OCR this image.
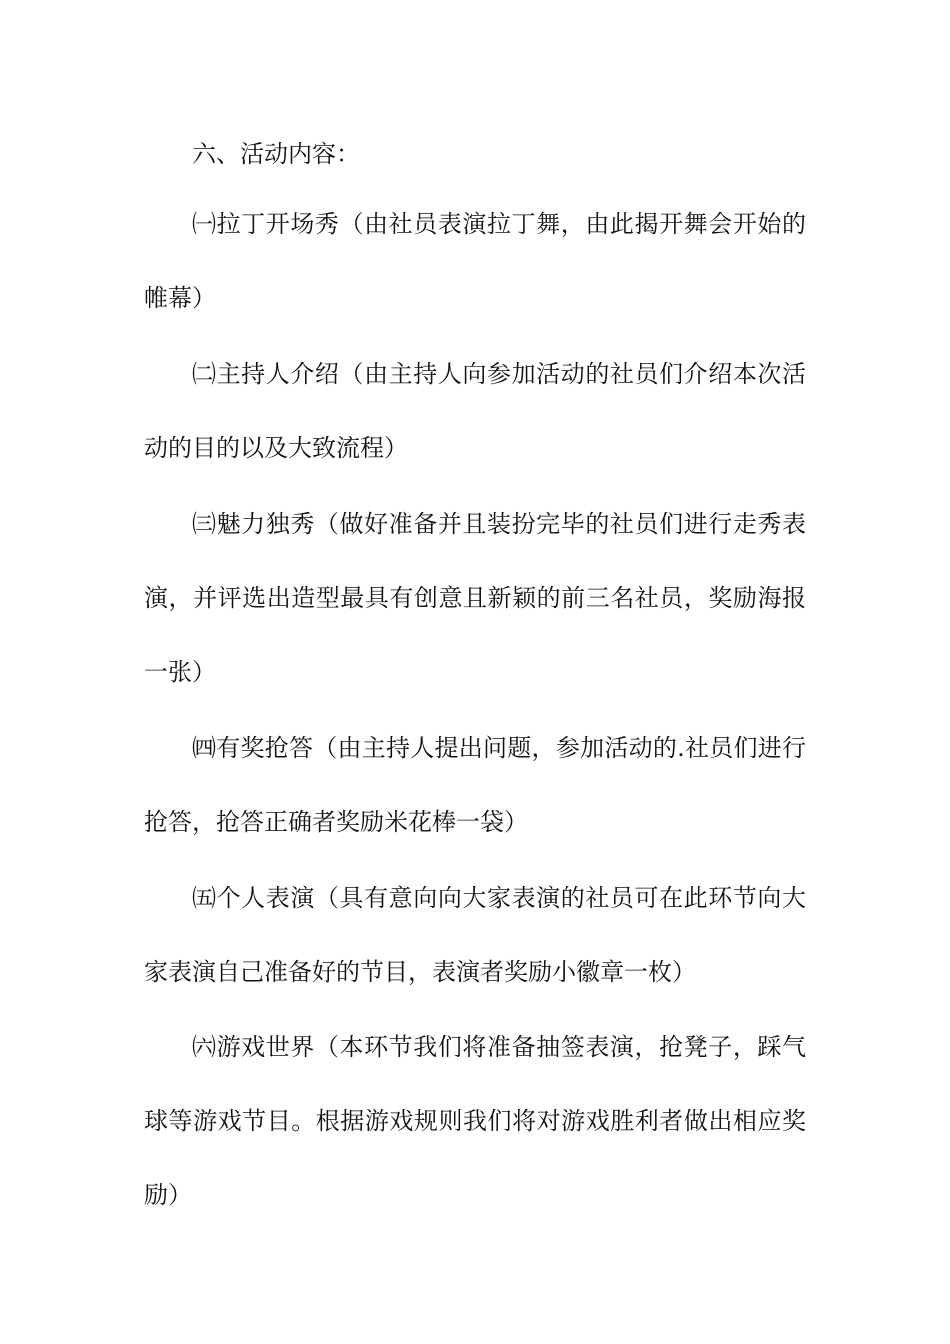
六、活动内容：

㈠拉丁开场秀（由社员表演拉丁舞，由此揭开舞会开始的帷幕）

㈡主持人介绍（由主持人向参加活动的社员们介绍本次活动的目的以及大致流程）

㈢魅力独秀（做好准备并且装扮完毕的社员们进行走秀表演，并评选出造型最具有创意且新颖的前三名社员，奖励海报一张）

㈣有奖抢答（由主持人提出问题，参加活动的.社员们进行抢答，抢答正确者奖励米花棒一袋）

㈤个人表演（具有意向向大家表演的社员可在此环节向大家表演自己准备好的节目，表演者奖励小徽章一枚）

㈥游戏世界（本环节我们将准备抽签表演，抢凳子，踩气球等游戏节目。根据游戏规则我们将对游戏胜利者做出相应奖励）
